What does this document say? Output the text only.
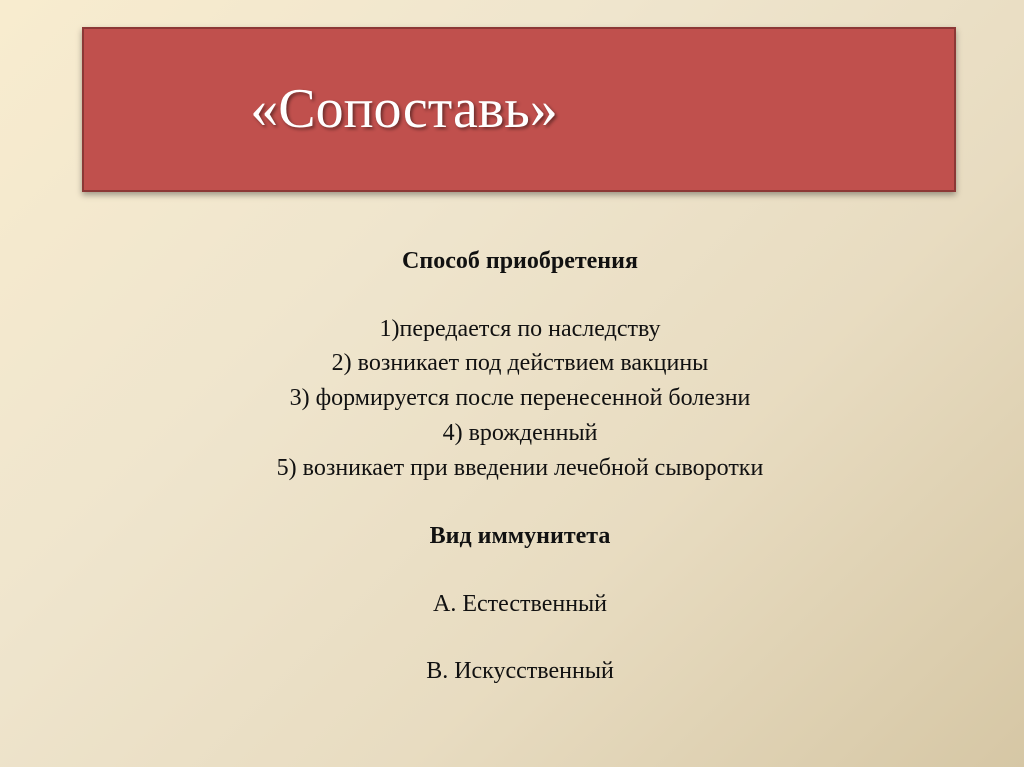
«Сопоставь»
Способ приобретения
1)передается по наследству
2) возникает под действием вакцины
3) формируется после перенесенной болезни
4) врожденный
5) возникает при введении лечебной сыворотки
Вид иммунитета
А. Естественный
В. Искусственный
